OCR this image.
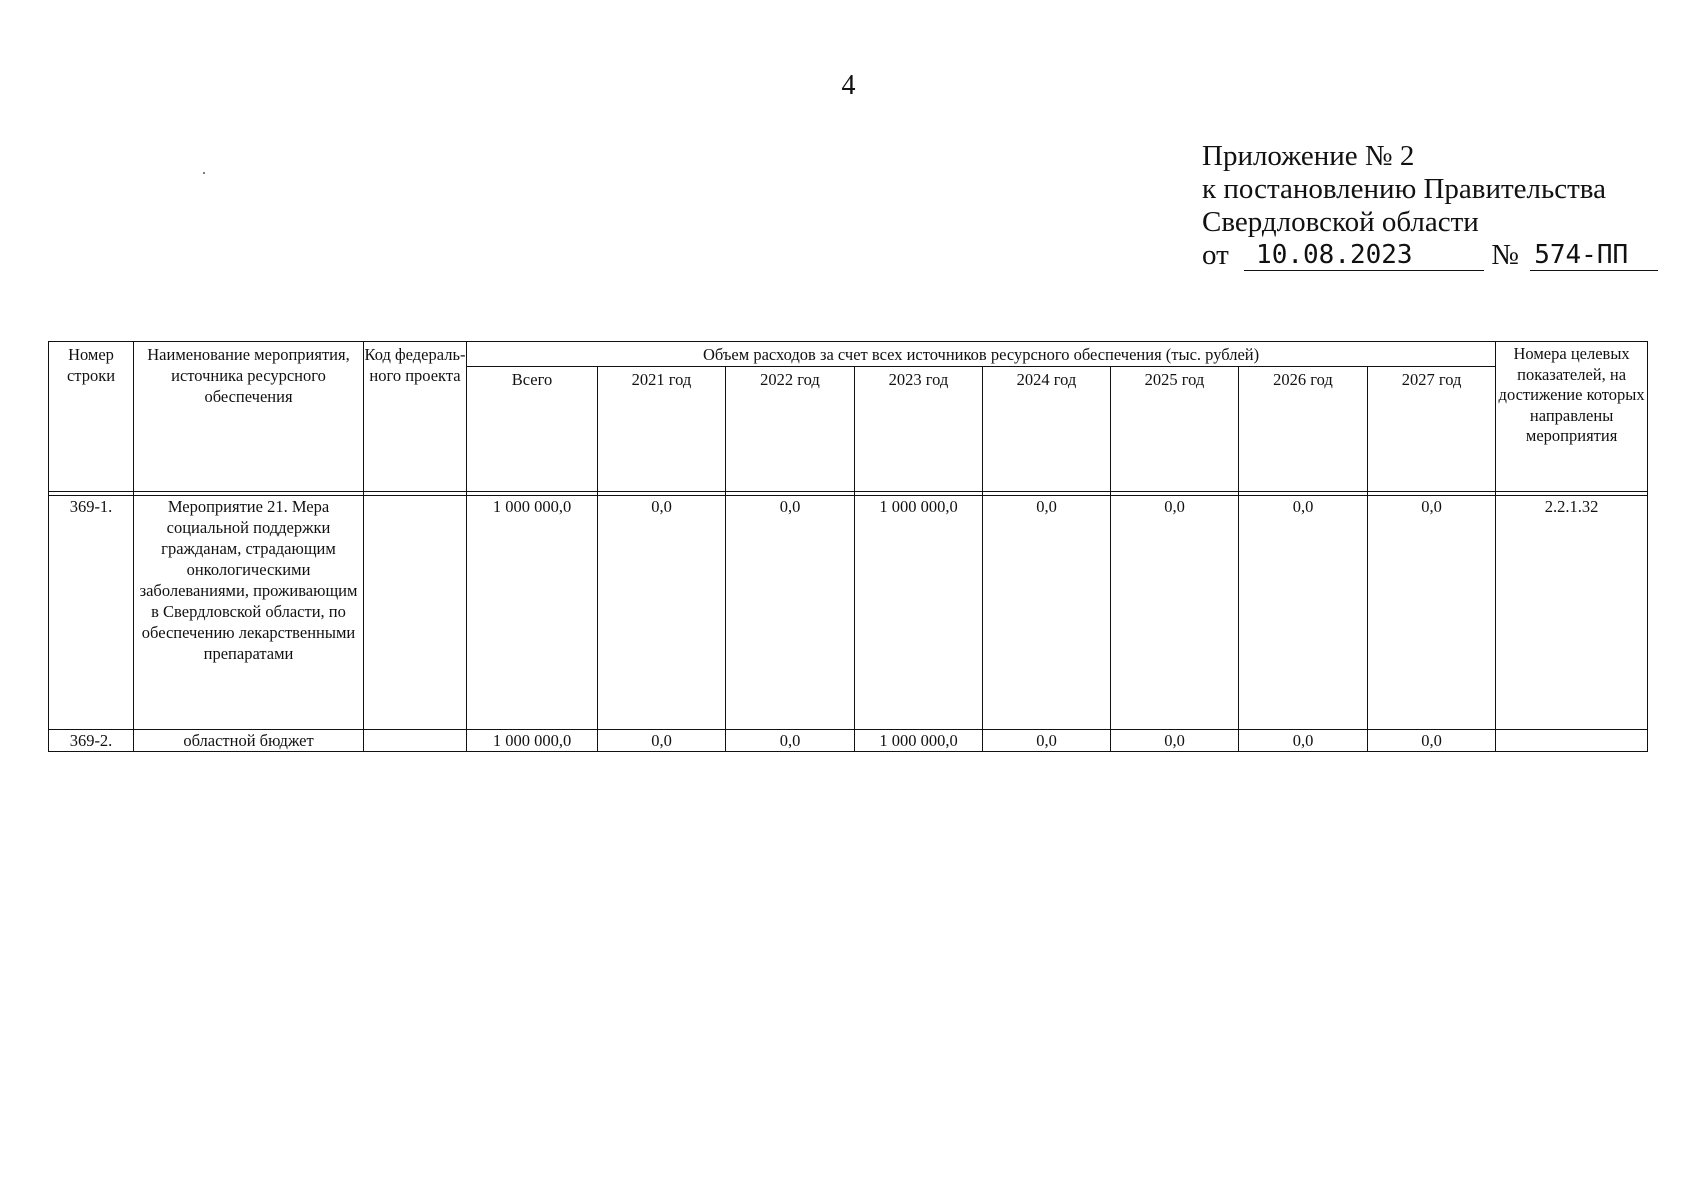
4
Приложение № 2
к постановлению Правительства
Свердловской области
от 10.08.2023	№ 574-ПП
Номер строки	Наименование мероприятия, источника ресурсного обеспечения	Код федераль- ного проекта	Объем расходов за счет всех источников ресурсного обеспечения (тыс. рублей)								Номера целевых показателей, на достижение которых направлены мероприятия
			Всего	2021 год	2022 год	2023 год	2024 год	2025 год	2026 год	2027 год	

369-1.	Мероприятие 21. Мера социальной поддержки гражданам, страдающим онкологическими заболеваниями, проживающим в Свердловской области, по обеспечению лекарственными препаратами		1 000 000,0	0,0	0,0	1 000 000,0	0,0	0,0	0,0	0,0	2.2.1.32
369-2.	областной бюджет		1 000 000,0	0,0	0,0	1 000 000,0	0,0	0,0	0,0	0,0	
